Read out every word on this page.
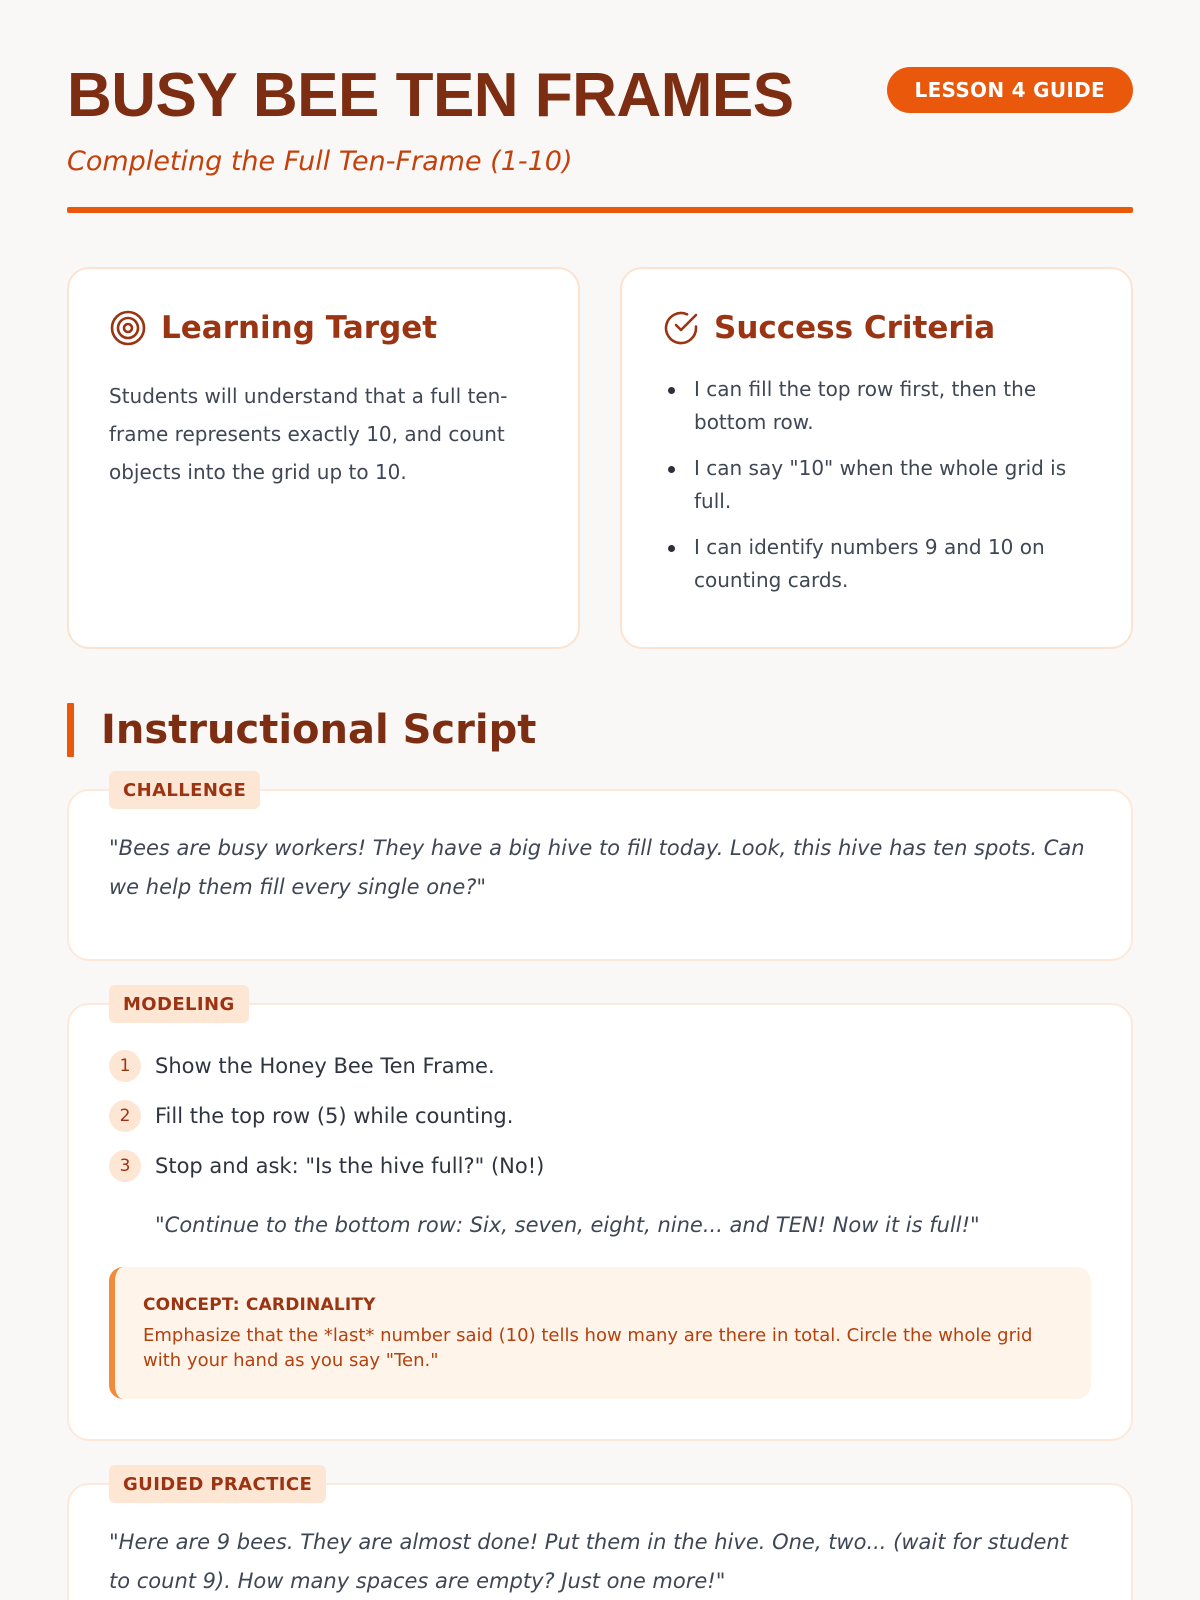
BUSY BEE TEN FRAMES
Completing the Full Ten-Frame (1-10)
LESSON 4 GUIDE
Learning Target

Students will understand that a full ten-frame represents exactly 10, and count objects into the grid up to 10.

Success Criteria
I can fill the top row first, then the bottom row.
I can say "10" when the whole grid is full.
I can identify numbers 9 and 10 on counting cards.
Instructional Script
CHALLENGE

"Bees are busy workers! They have a big hive to fill today. Look, this hive has ten spots. Can we help them fill every single one?"

MODELING
1	Show the Honey Bee Ten Frame.
2	Fill the top row (5) while counting.
3	Stop and ask: "Is the hive full?" (No!)

"Continue to the bottom row: Six, seven, eight, nine... and TEN! Now it is full!"

CONCEPT: CARDINALITY

Emphasize that the *last* number said (10) tells how many are there in total. Circle the whole grid with your hand as you say "Ten."

GUIDED PRACTICE

"Here are 9 bees. They are almost done! Put them in the hive. One, two... (wait for student to count 9). How many spaces are empty? Just one more!"
